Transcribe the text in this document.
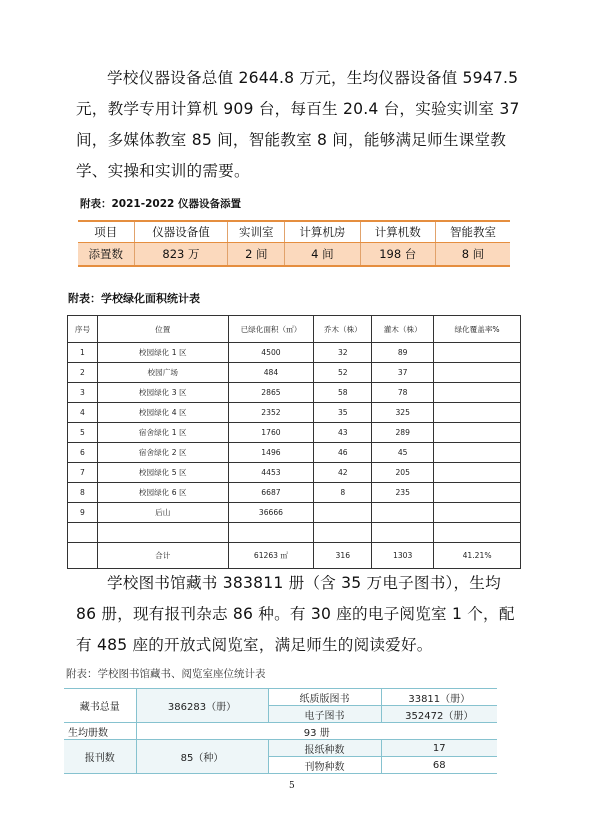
学校仪器设备总值 2644.8 万元，生均仪器设备值 5947.5 元，教学专用计算机 909 台，每百生 20.4 台，实验实训室 37 间，多媒体教室 85 间，智能教室 8 间，能够满足师生课堂教学、实操和实训的需要。

附表：2021-2022 仪器设备添置
项目	仪器设备值	实训室	计算机房	计算机数	智能教室
添置数	823 万	2 间	4 间	198 台	8 间
附表：学校绿化面积统计表
序号	位置	已绿化面积（㎡）	乔木（株）	灌木（株）	绿化覆盖率%
1	校园绿化 1 区	4500	32	89	
2	校园广场	484	52	37	
3	校园绿化 3 区	2865	58	78	
4	校园绿化 4 区	2352	35	325	
5	宿舍绿化 1 区	1760	43	289	
6	宿舍绿化 2 区	1496	46	45	
7	校园绿化 5 区	4453	42	205	
8	校园绿化 6 区	6687	8	235	
9	后山	36666			

	合计	61263 ㎡	316	1303	41.21%

学校图书馆藏书 383811 册（含 35 万电子图书），生均 86 册，现有报刊杂志 86 种。有 30 座的电子阅览室 1 个，配有 485 座的开放式阅览室，满足师生的阅读爱好。

附表：学校图书馆藏书、阅览室座位统计表
藏书总量	386283（册）	纸质版图书	33811（册）
		电子图书	352472（册）
生均册数	93 册		
报刊数	85（种）	报纸种数	17
		刊物种数	68
5
